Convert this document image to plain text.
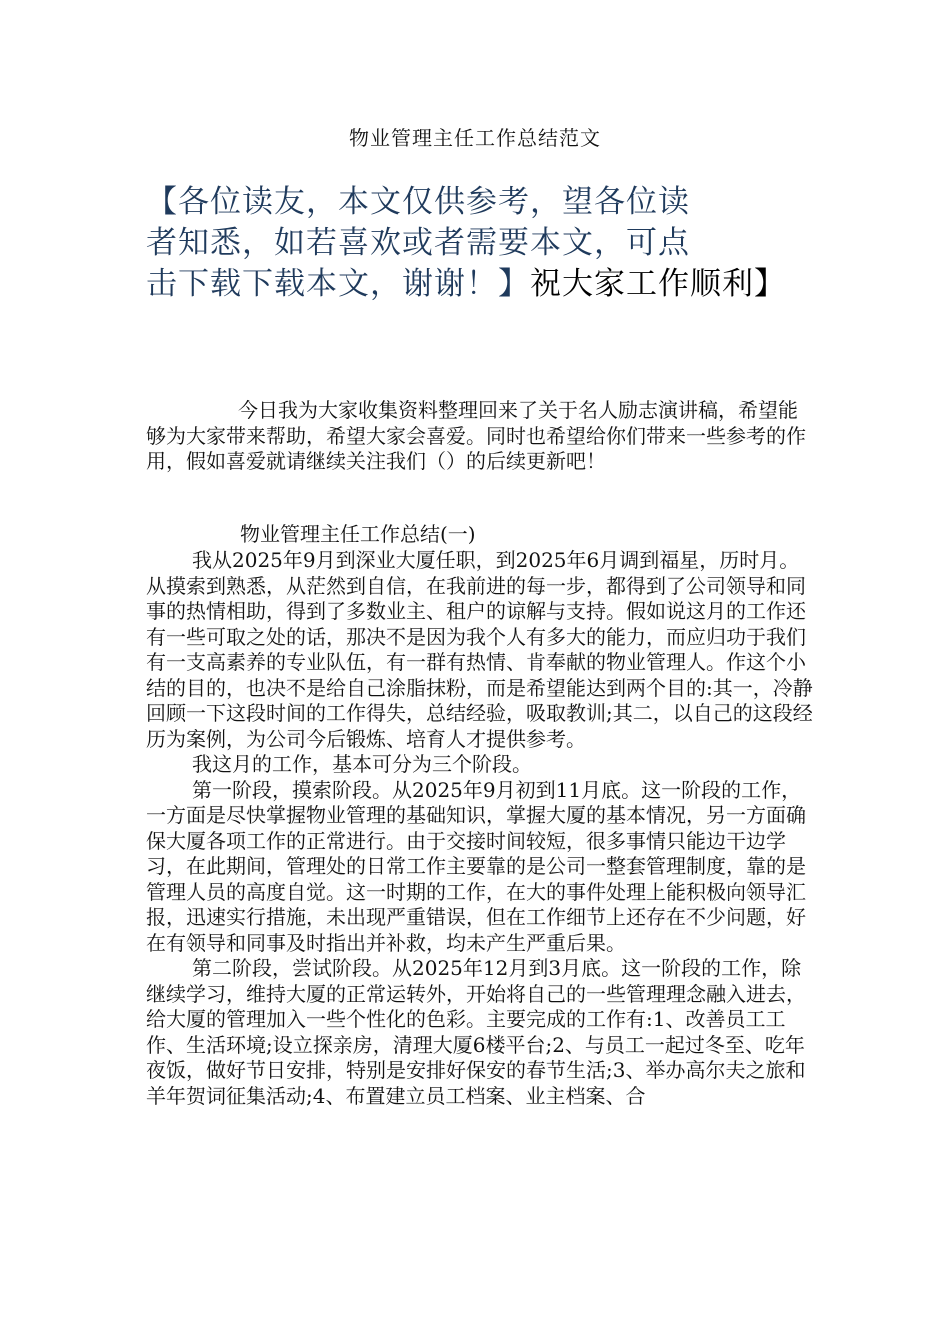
物业管理主任工作总结范文
【各位读友，本文仅供参考，望各位读
者知悉，如若喜欢或者需要本文，可点
击下载下载本文，谢谢！】祝大家工作顺利】
今日我为大家收集资料整理回来了关于名人励志演讲稿，希望能够为大家带来帮助，希望大家会喜爱。同时也希望给你们带来一些参考的作用，假如喜爱就请继续关注我们（）的后续更新吧！
物业管理主任工作总结(一)

我从2025年9月到深业大厦任职，到2025年6月调到福星，历时月。从摸索到熟悉，从茫然到自信，在我前进的每一步，都得到了公司领导和同事的热情相助，得到了多数业主、租户的谅解与支持。假如说这月的工作还有一些可取之处的话，那决不是因为我个人有多大的能力，而应归功于我们有一支高素养的专业队伍，有一群有热情、肯奉献的物业管理人。作这个小结的目的，也决不是给自己涂脂抹粉，而是希望能达到两个目的:其一，冷静回顾一下这段时间的工作得失，总结经验，吸取教训;其二，以自己的这段经历为案例，为公司今后锻炼、培育人才提供参考。

我这月的工作，基本可分为三个阶段。

第一阶段，摸索阶段。从2025年9月初到11月底。这一阶段的工作，一方面是尽快掌握物业管理的基础知识，掌握大厦的基本情况，另一方面确保大厦各项工作的正常进行。由于交接时间较短，很多事情只能边干边学习，在此期间，管理处的日常工作主要靠的是公司一整套管理制度，靠的是管理人员的高度自觉。这一时期的工作，在大的事件处理上能积极向领导汇报，迅速实行措施，未出现严重错误，但在工作细节上还存在不少问题，好在有领导和同事及时指出并补救，均未产生严重后果。

第二阶段，尝试阶段。从2025年12月到3月底。这一阶段的工作，除继续学习，维持大厦的正常运转外，开始将自己的一些管理理念融入进去，给大厦的管理加入一些个性化的色彩。主要完成的工作有:1、改善员工工作、生活环境;设立探亲房，清理大厦6楼平台;2、与员工一起过冬至、吃年夜饭，做好节日安排，特别是安排好保安的春节生活;3、举办高尔夫之旅和羊年贺词征集活动;4、布置建立员工档案、业主档案、合
